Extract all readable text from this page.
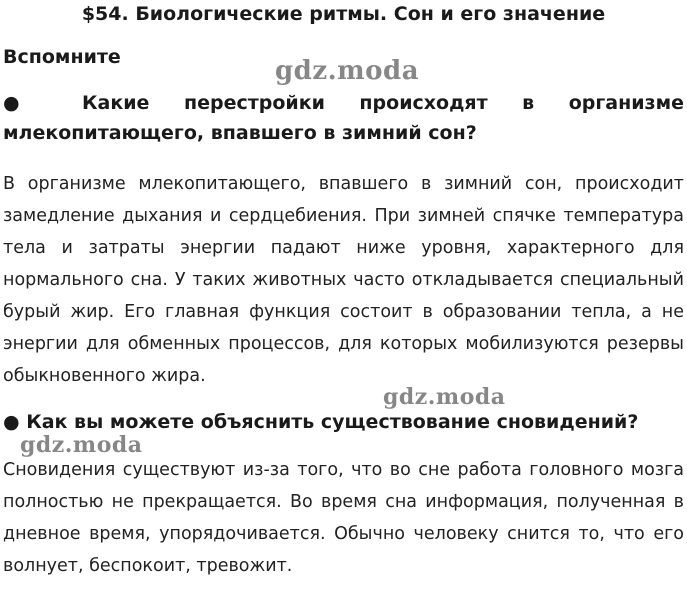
$54. Биологические ритмы. Сон и его значение
Вспомните
● Какие перестройки происходят в организме млекопитающего, впавшего в зимний сон?
В организме млекопитающего, впавшего в зимний сон, происходит замедление дыхания и сердцебиения. При зимней спячке температура тела и затраты энергии падают ниже уровня, характерного для нормального сна. У таких животных часто откладывается специальный бурый жир. Его главная функция состоит в образовании тепла, а не энергии для обменных процессов, для которых мобилизуются резервы обыкновенного жира.
● Как вы можете объяснить существование сновидений?
Сновидения существуют из-за того, что во сне работа головного мозга полностью не прекращается. Во время сна информация, полученная в дневное время, упорядочивается. Обычно человеку снится то, что его волнует, беспокоит, тревожит.
gdz.moda
gdz.moda
gdz.moda
